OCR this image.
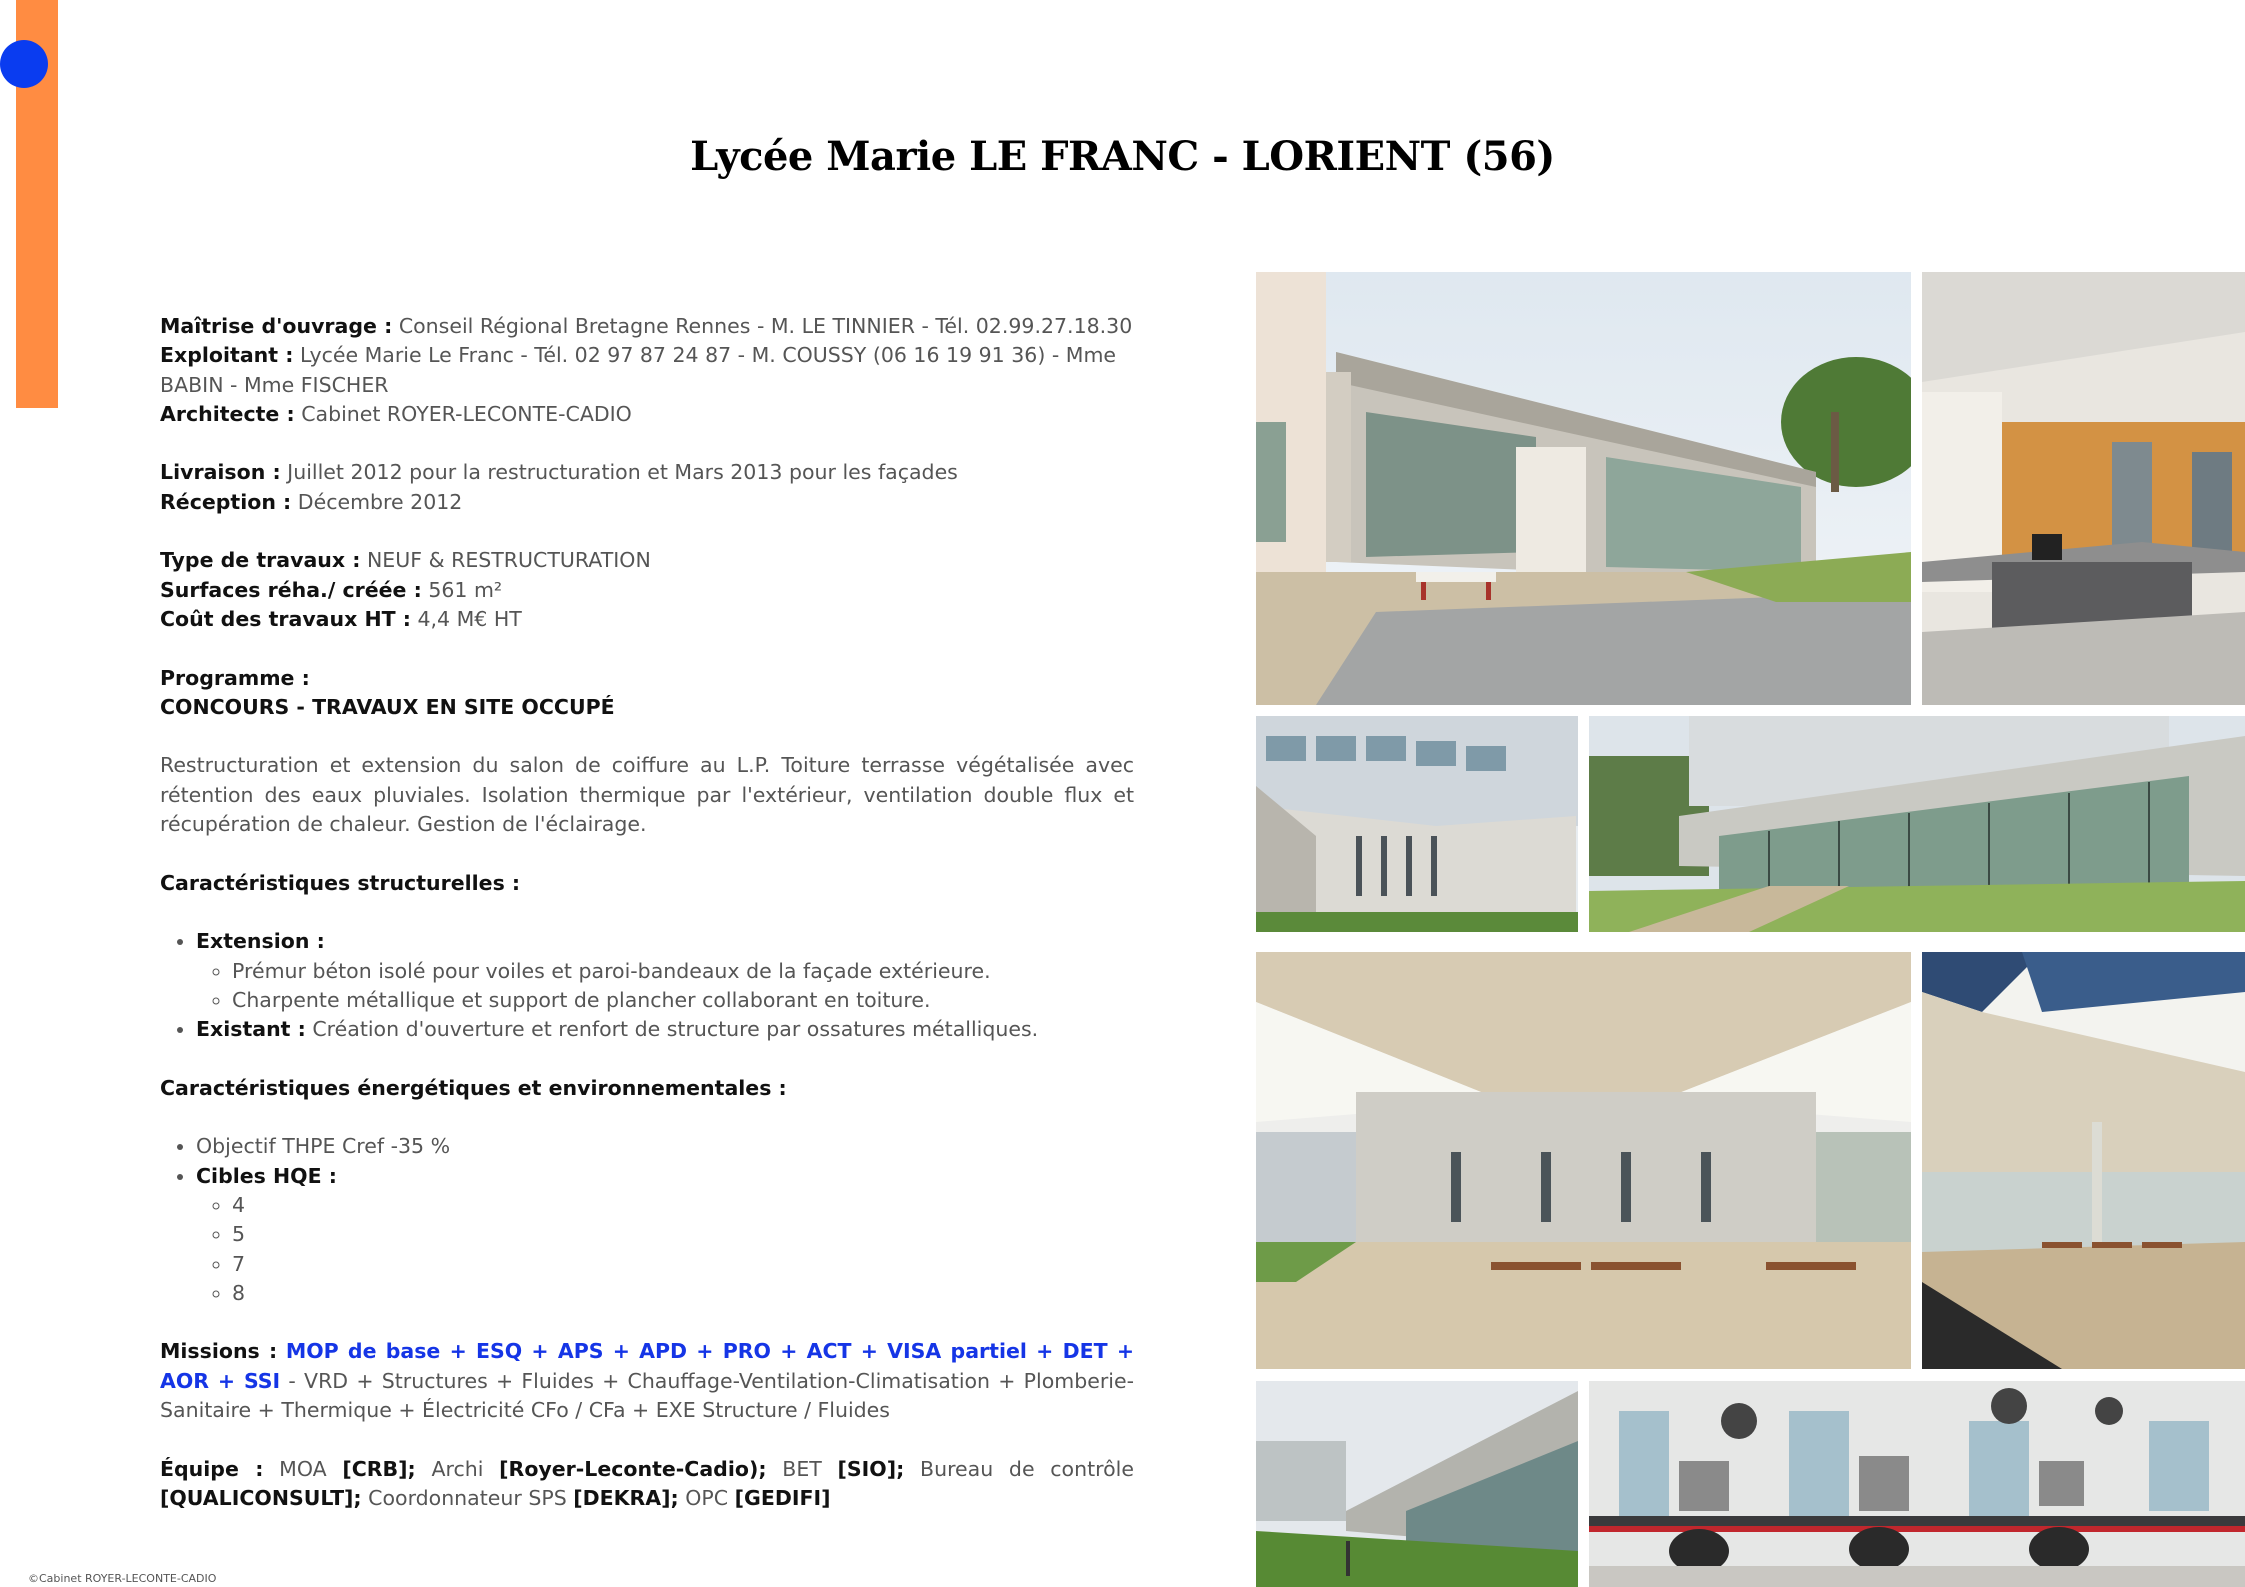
Lycée Marie LE FRANC - LORIENT (56)

Maîtrise d'ouvrage : Conseil Régional Bretagne Rennes - M. LE TINNIER - Tél. 02.99.27.18.30

Exploitant : Lycée Marie Le Franc - Tél. 02 97 87 24 87 - M. COUSSY (06 16 19 91 36) - Mme BABIN - Mme FISCHER

Architecte : Cabinet ROYER-LECONTE-CADIO

Livraison : Juillet 2012 pour la restructuration et Mars 2013 pour les façades

Réception : Décembre 2012

Type de travaux : NEUF & RESTRUCTURATION

Surfaces réha./ créée : 561 m²

Coût des travaux HT : 4,4 M€ HT

Programme :

CONCOURS - TRAVAUX EN SITE OCCUPÉ

Restructuration et extension du salon de coiffure au L.P. Toiture terrasse végétalisée avec rétention des eaux pluviales. Isolation thermique par l'extérieur, ventilation double flux et récupération de chaleur. Gestion de l'éclairage.

Caractéristiques structurelles :

• Extension :
◦ Prémur béton isolé pour voiles et paroi-bandeaux de la façade extérieure.
◦ Charpente métallique et support de plancher collaborant en toiture.
• Existant : Création d'ouverture et renfort de structure par ossatures métalliques.

Caractéristiques énergétiques et environnementales :

• Objectif THPE Cref -35 %
• Cibles HQE :
◦ 4
◦ 5
◦ 7
◦ 8

Missions : MOP de base + ESQ + APS + APD + PRO + ACT + VISA partiel + DET + AOR + SSI - VRD + Structures + Fluides + Chauffage-Ventilation-Climatisation + Plomberie-Sanitaire + Thermique + Électricité CFo / CFa + EXE Structure / Fluides

Équipe : MOA [CRB]; Archi [Royer-Leconte-Cadio); BET [SIO]; Bureau de contrôle [QUALICONSULT]; Coordonnateur SPS [DEKRA]; OPC [GEDIFI]

©Cabinet ROYER-LECONTE-CADIO
